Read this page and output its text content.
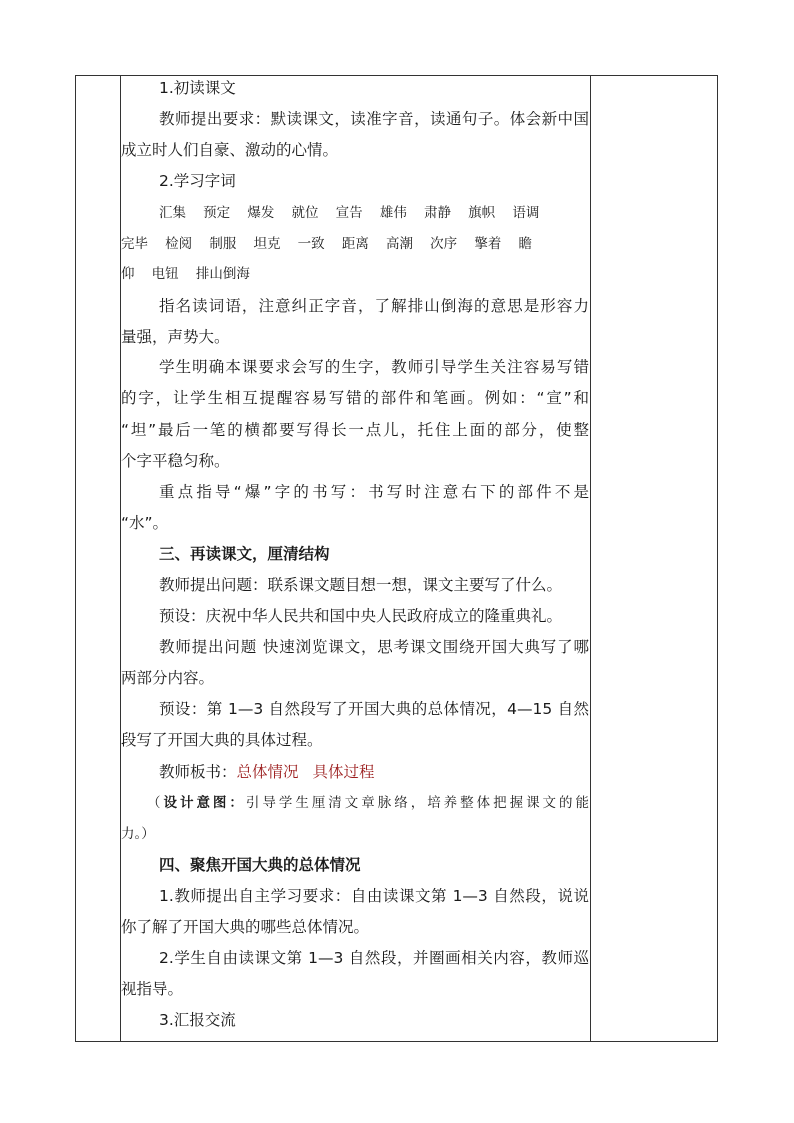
1.初读课文
教师提出要求：默读课文，读准字音，读通句子。体会新中国
成立时人们自豪、激动的心情。
2.学习字词
汇集    预定    爆发    就位    宣告    雄伟    肃静    旗帜    语调
完毕    检阅    制服    坦克    一致    距离    高潮    次序    擎着    瞻
仰    电钮    排山倒海
指名读词语，注意纠正字音，了解排山倒海的意思是形容力
量强，声势大。
学生明确本课要求会写的生字，教师引导学生关注容易写错
的字，让学生相互提醒容易写错的部件和笔画。例如：“宣”和
“坦”最后一笔的横都要写得长一点儿，托住上面的部分，使整
个字平稳匀称。
重点指导“爆”字的书写：书写时注意右下的部件不是
“水”。
三、再读课文，厘清结构
教师提出问题：联系课文题目想一想，课文主要写了什么。
预设：庆祝中华人民共和国中央人民政府成立的隆重典礼。
教师提出问题 快速浏览课文，思考课文围绕开国大典写了哪
两部分内容。
预设：第 1—3 自然段写了开国大典的总体情况，4—15 自然
段写了开国大典的具体过程。
教师板书：总体情况 具体过程
（设计意图：引导学生厘清文章脉络，培养整体把握课文的能
力。）
四、聚焦开国大典的总体情况
1.教师提出自主学习要求：自由读课文第 1—3 自然段，说说
你了解了开国大典的哪些总体情况。
2.学生自由读课文第 1—3 自然段，并圈画相关内容，教师巡
视指导。
3.汇报交流
